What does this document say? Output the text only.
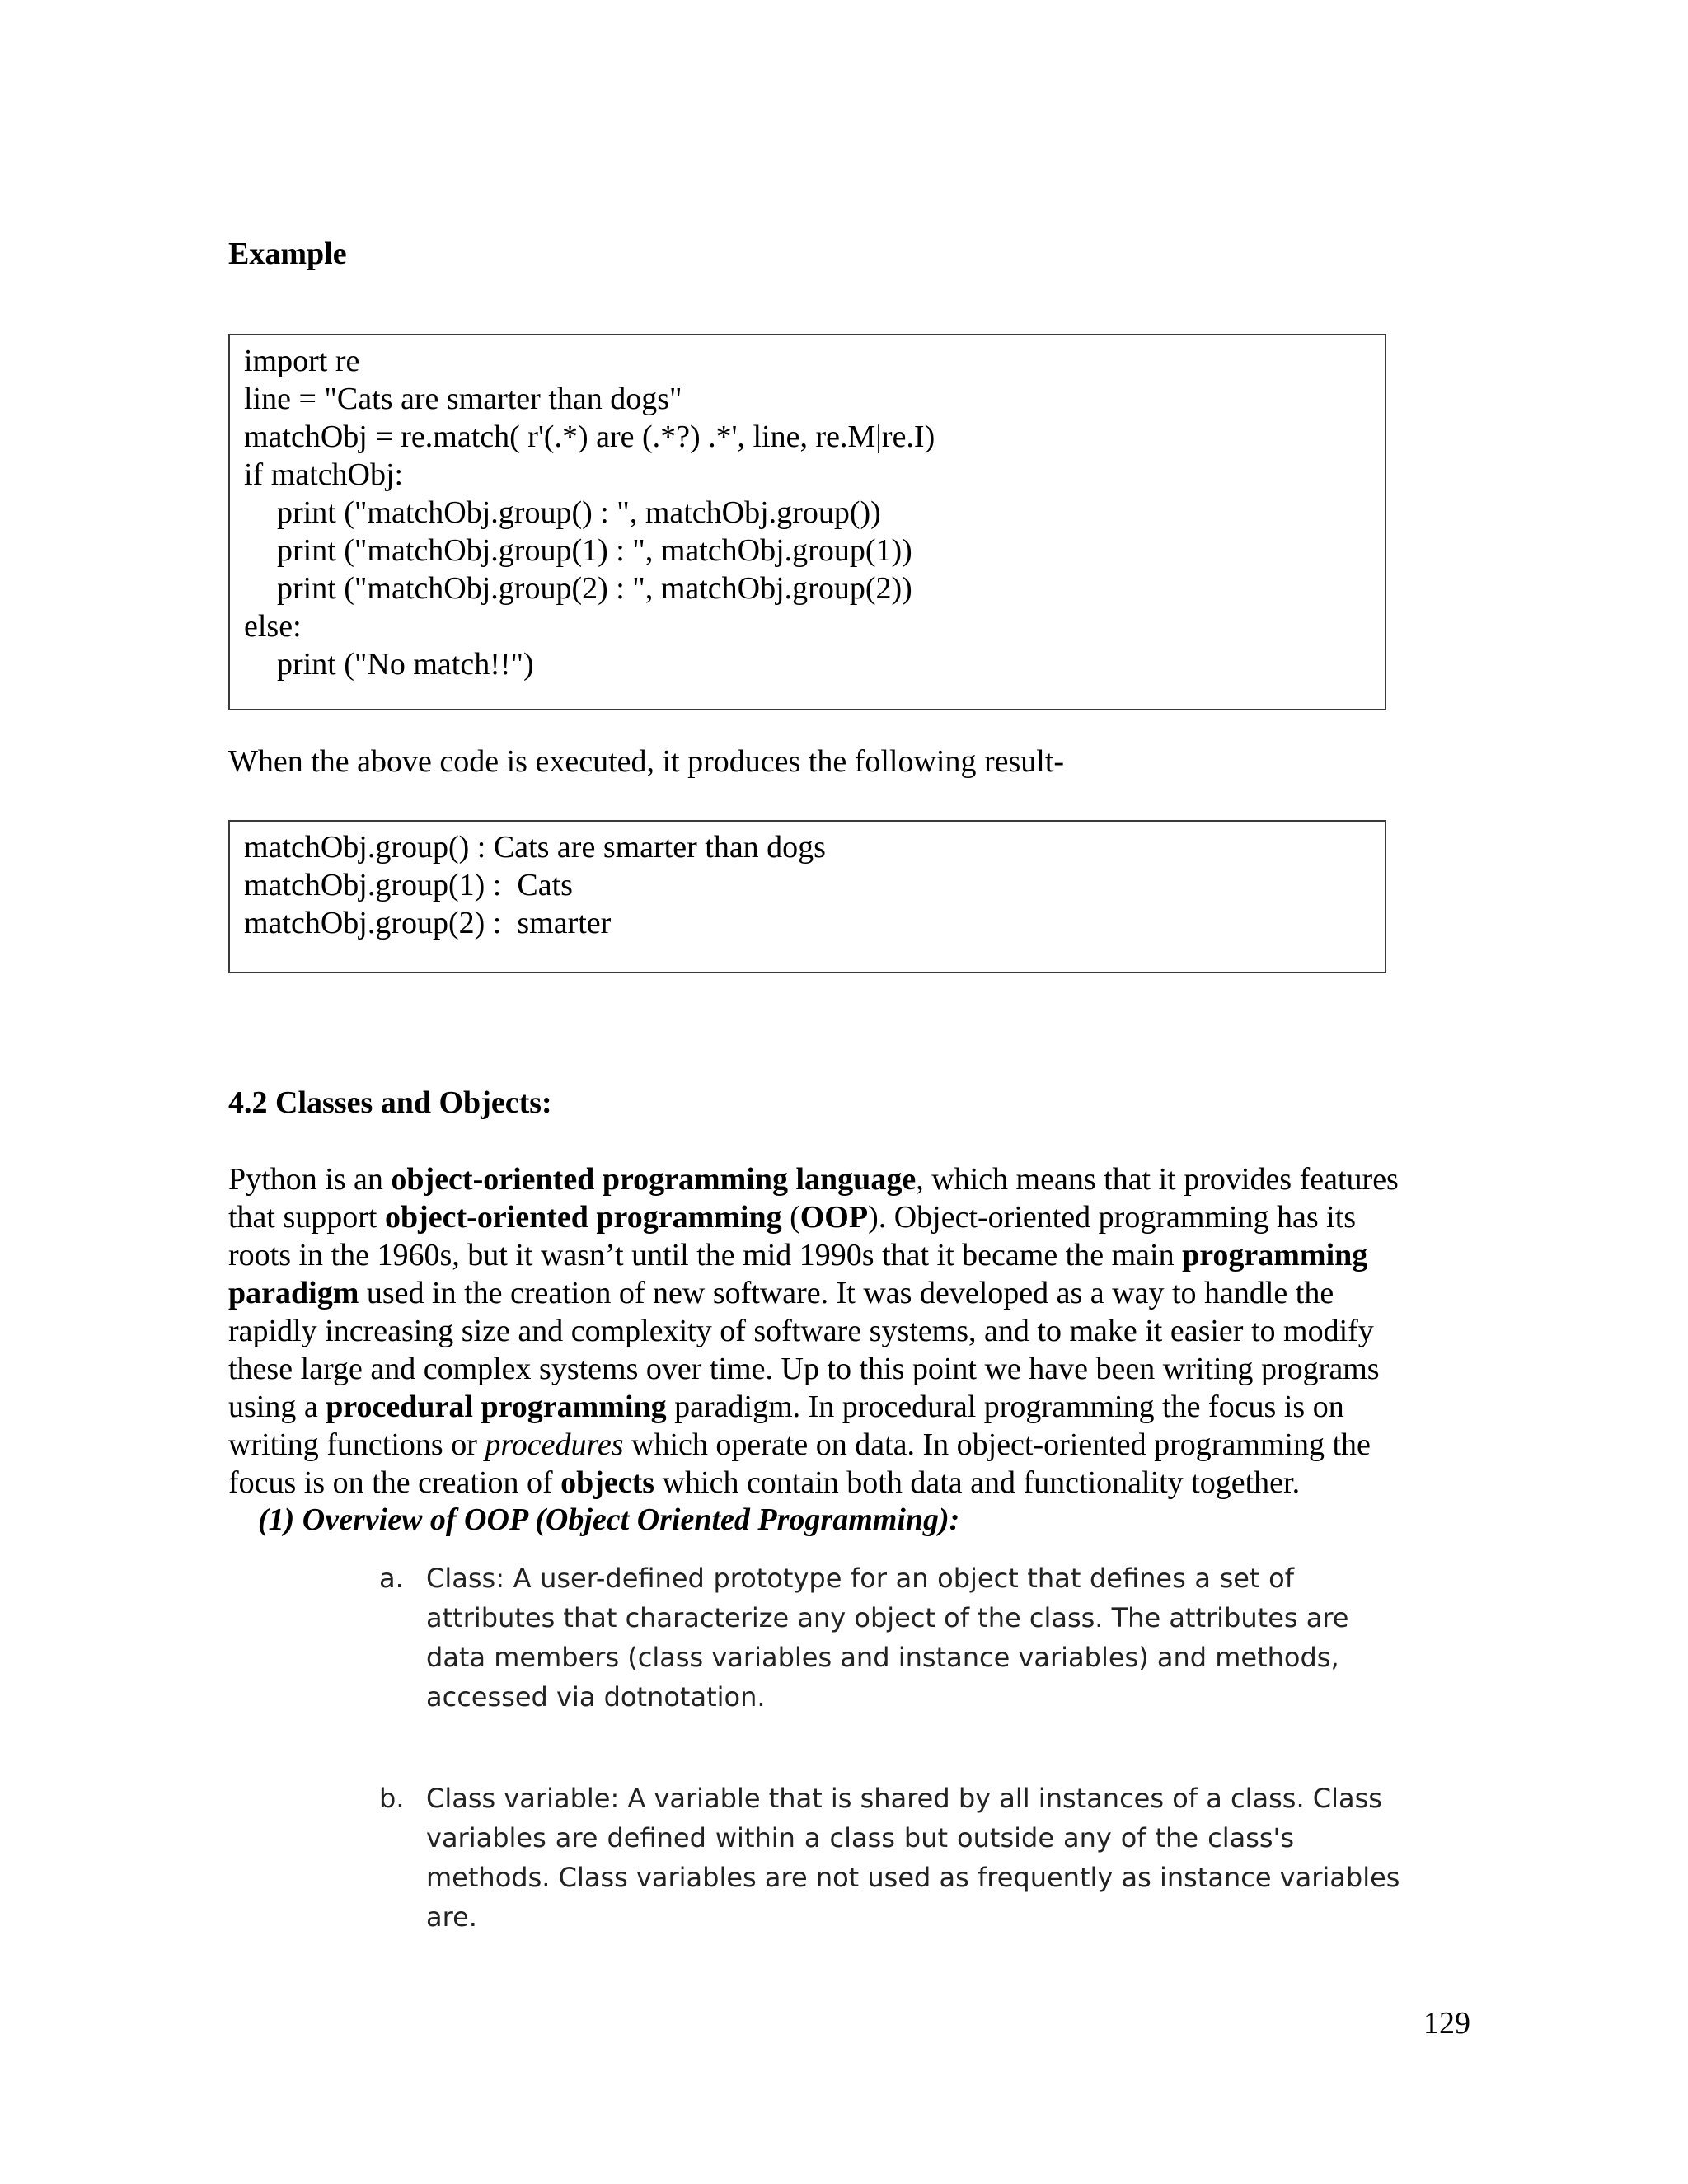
Example
import re
line = "Cats are smarter than dogs"
matchObj = re.match( r'(.*) are (.*?) .*', line, re.M|re.I)
if matchObj:
print ("matchObj.group() : ", matchObj.group())
print ("matchObj.group(1) : ", matchObj.group(1))
print ("matchObj.group(2) : ", matchObj.group(2))
else:
print ("No match!!")
When the above code is executed, it produces the following result-
matchObj.group() : Cats are smarter than dogs
matchObj.group(1) :  Cats
matchObj.group(2) :  smarter
4.2 Classes and Objects:
Python is an object-oriented programming language, which means that it provides features
that support object-oriented programming (OOP). Object-oriented programming has its
roots in the 1960s, but it wasn’t until the mid 1990s that it became the main programming
paradigm used in the creation of new software. It was developed as a way to handle the
rapidly increasing size and complexity of software systems, and to make it easier to modify
these large and complex systems over time. Up to this point we have been writing programs
using a procedural programming paradigm. In procedural programming the focus is on
writing functions or procedures which operate on data. In object-oriented programming the
focus is on the creation of objects which contain both data and functionality together.
(1) Overview of OOP (Object Oriented Programming):
a. Class: A user-defined prototype for an object that defines a set of
attributes that characterize any object of the class. The attributes are
data members (class variables and instance variables) and methods,
accessed via dotnotation.
b. Class variable: A variable that is shared by all instances of a class. Class
variables are defined within a class but outside any of the class's
methods. Class variables are not used as frequently as instance variables
are.
129
